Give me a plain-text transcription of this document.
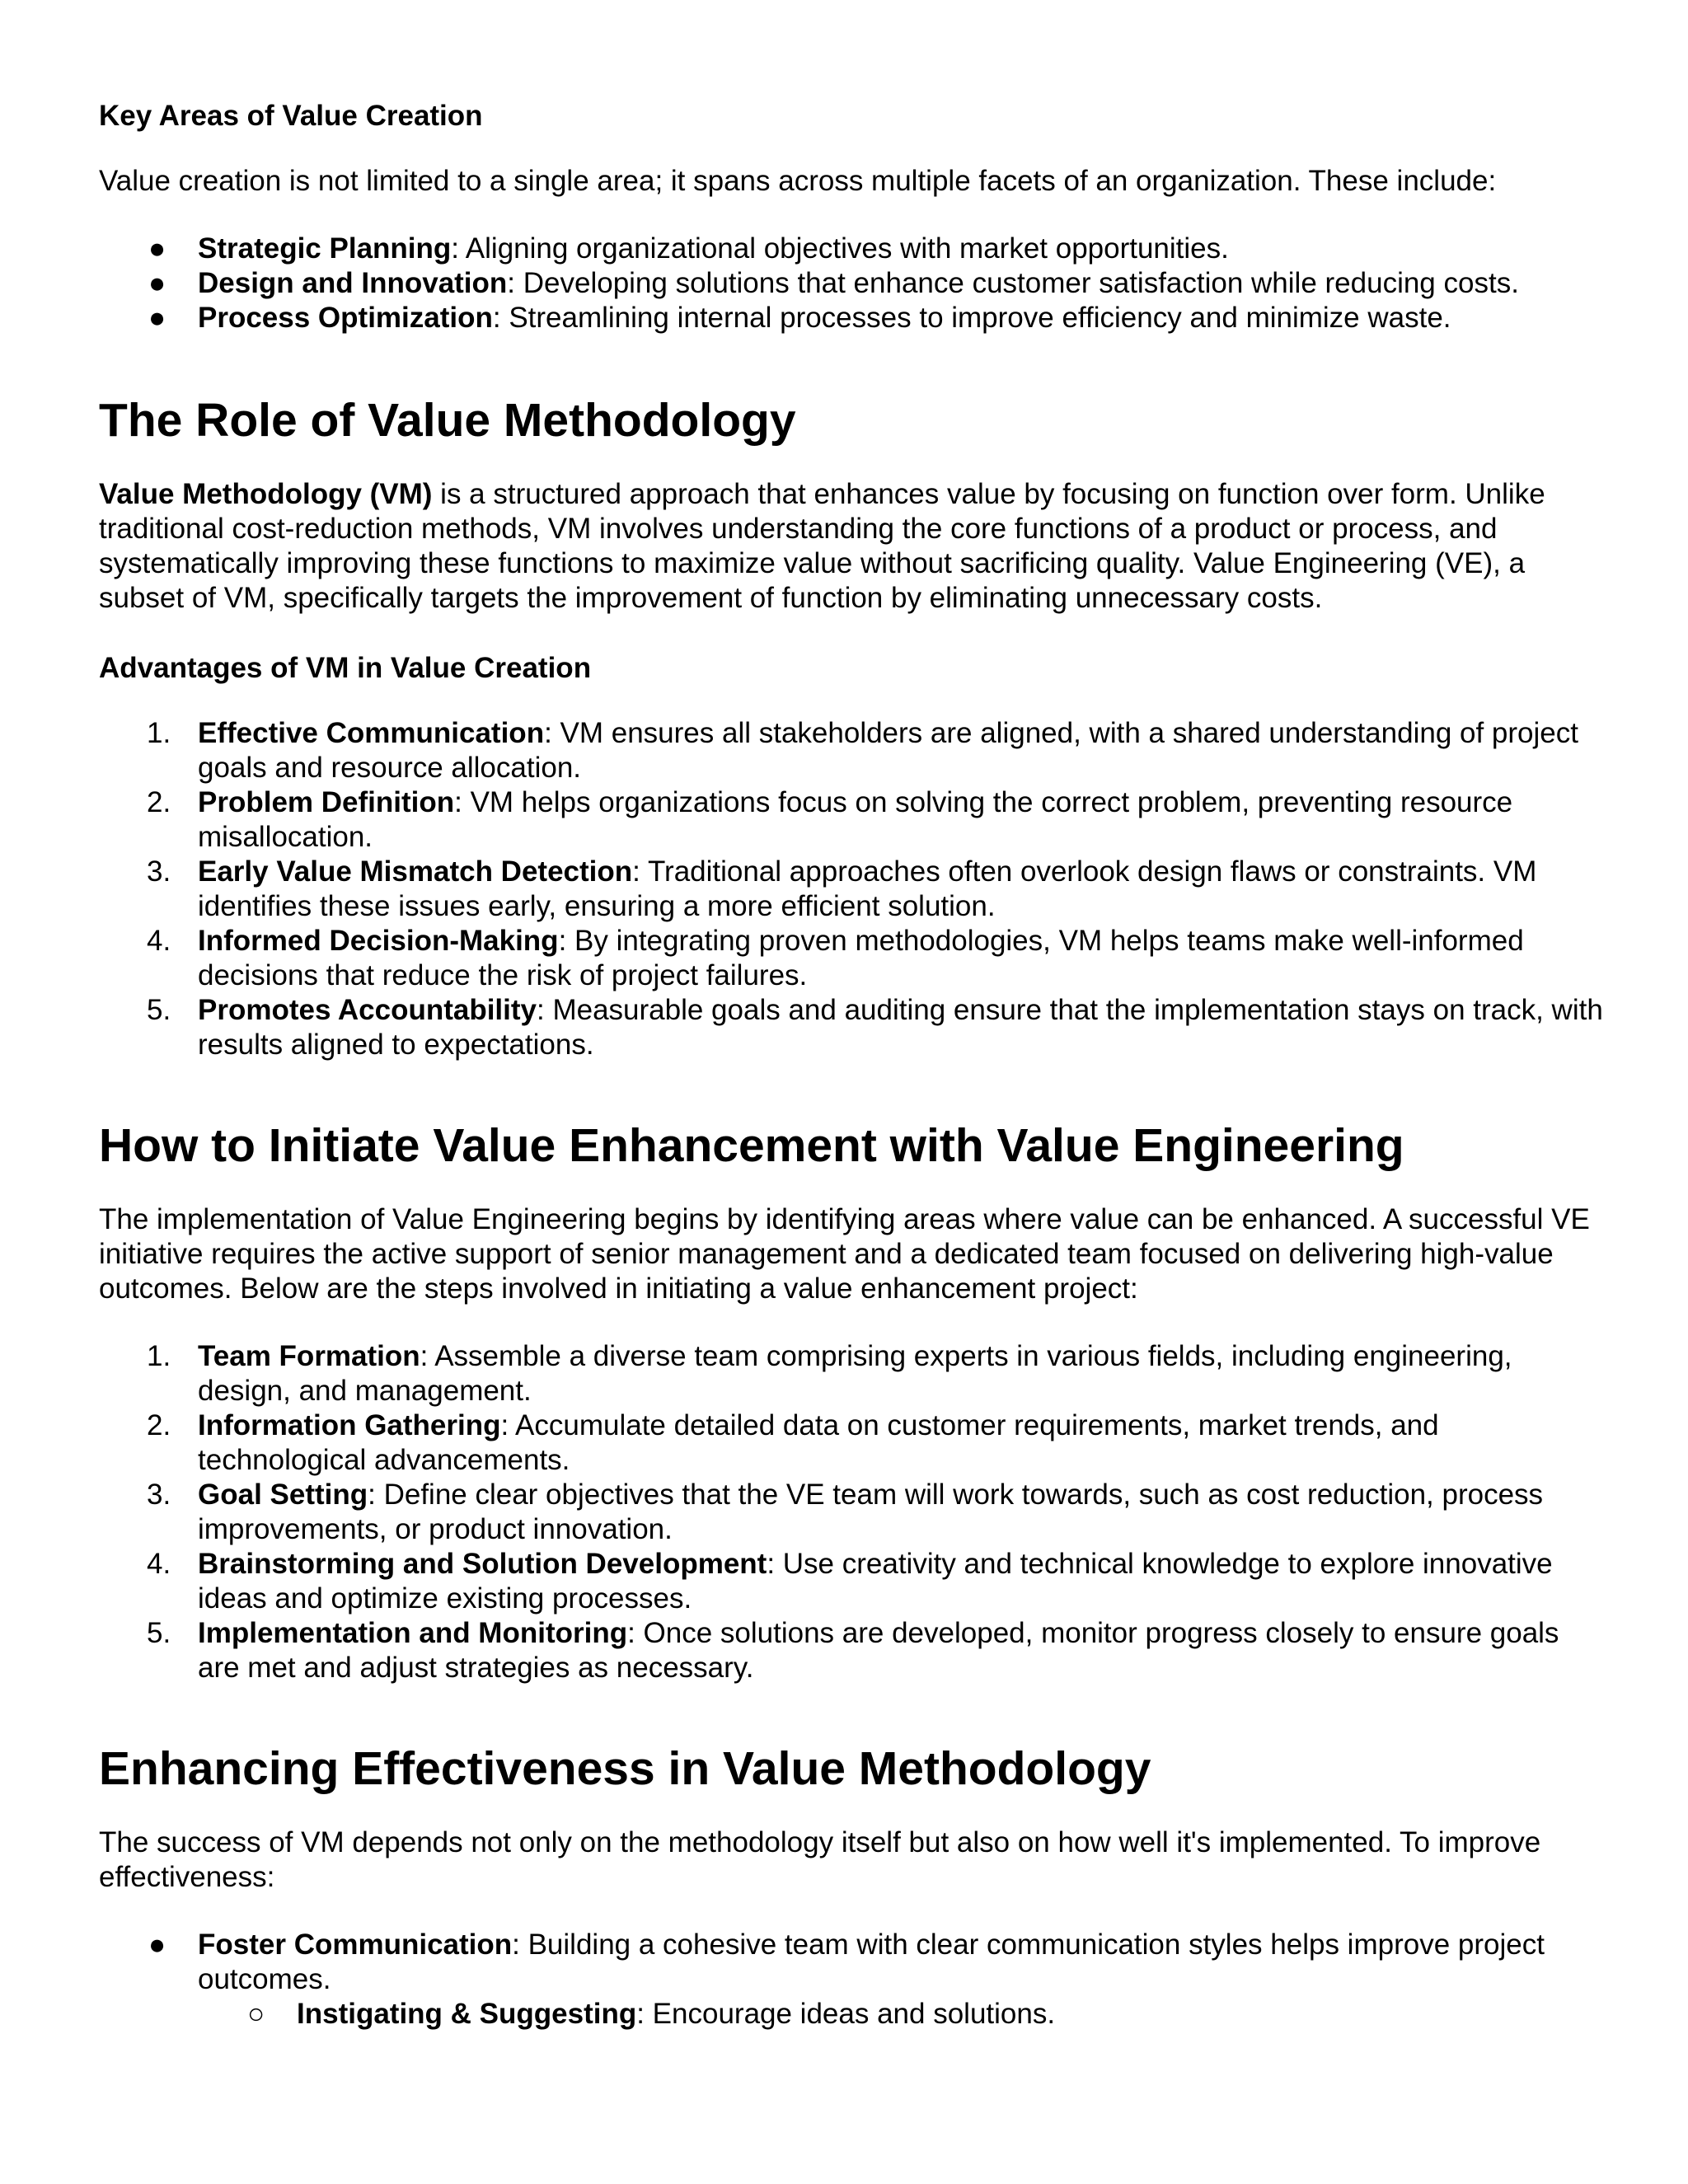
Key Areas of Value Creation
Value creation is not limited to a single area; it spans across multiple facets of an organization. These include:
●	Strategic Planning: Aligning organizational objectives with market opportunities.
●	Design and Innovation: Developing solutions that enhance customer satisfaction while reducing costs.
●	Process Optimization: Streamlining internal processes to improve efficiency and minimize waste.
The Role of Value Methodology
Value Methodology (VM) is a structured approach that enhances value by focusing on function over form. Unlike traditional cost-reduction methods, VM involves understanding the core functions of a product or process, and systematically improving these functions to maximize value without sacrificing quality. Value Engineering (VE), a subset of VM, specifically targets the improvement of function by eliminating unnecessary costs.
Advantages of VM in Value Creation
1. Effective Communication: VM ensures all stakeholders are aligned, with a shared understanding of project goals and resource allocation.
2. Problem Definition: VM helps organizations focus on solving the correct problem, preventing resource misallocation.
3. Early Value Mismatch Detection: Traditional approaches often overlook design flaws or constraints. VM identifies these issues early, ensuring a more efficient solution.
4. Informed Decision-Making: By integrating proven methodologies, VM helps teams make well-informed decisions that reduce the risk of project failures.
5. Promotes Accountability: Measurable goals and auditing ensure that the implementation stays on track, with results aligned to expectations.
How to Initiate Value Enhancement with Value Engineering
The implementation of Value Engineering begins by identifying areas where value can be enhanced. A successful VE initiative requires the active support of senior management and a dedicated team focused on delivering high-value outcomes. Below are the steps involved in initiating a value enhancement project:
1. Team Formation: Assemble a diverse team comprising experts in various fields, including engineering, design, and management.
2. Information Gathering: Accumulate detailed data on customer requirements, market trends, and technological advancements.
3. Goal Setting: Define clear objectives that the VE team will work towards, such as cost reduction, process improvements, or product innovation.
4. Brainstorming and Solution Development: Use creativity and technical knowledge to explore innovative ideas and optimize existing processes.
5. Implementation and Monitoring: Once solutions are developed, monitor progress closely to ensure goals are met and adjust strategies as necessary.
Enhancing Effectiveness in Value Methodology
The success of VM depends not only on the methodology itself but also on how well it's implemented. To improve effectiveness:
●	Foster Communication: Building a cohesive team with clear communication styles helps improve project outcomes.
○	Instigating & Suggesting: Encourage ideas and solutions.
